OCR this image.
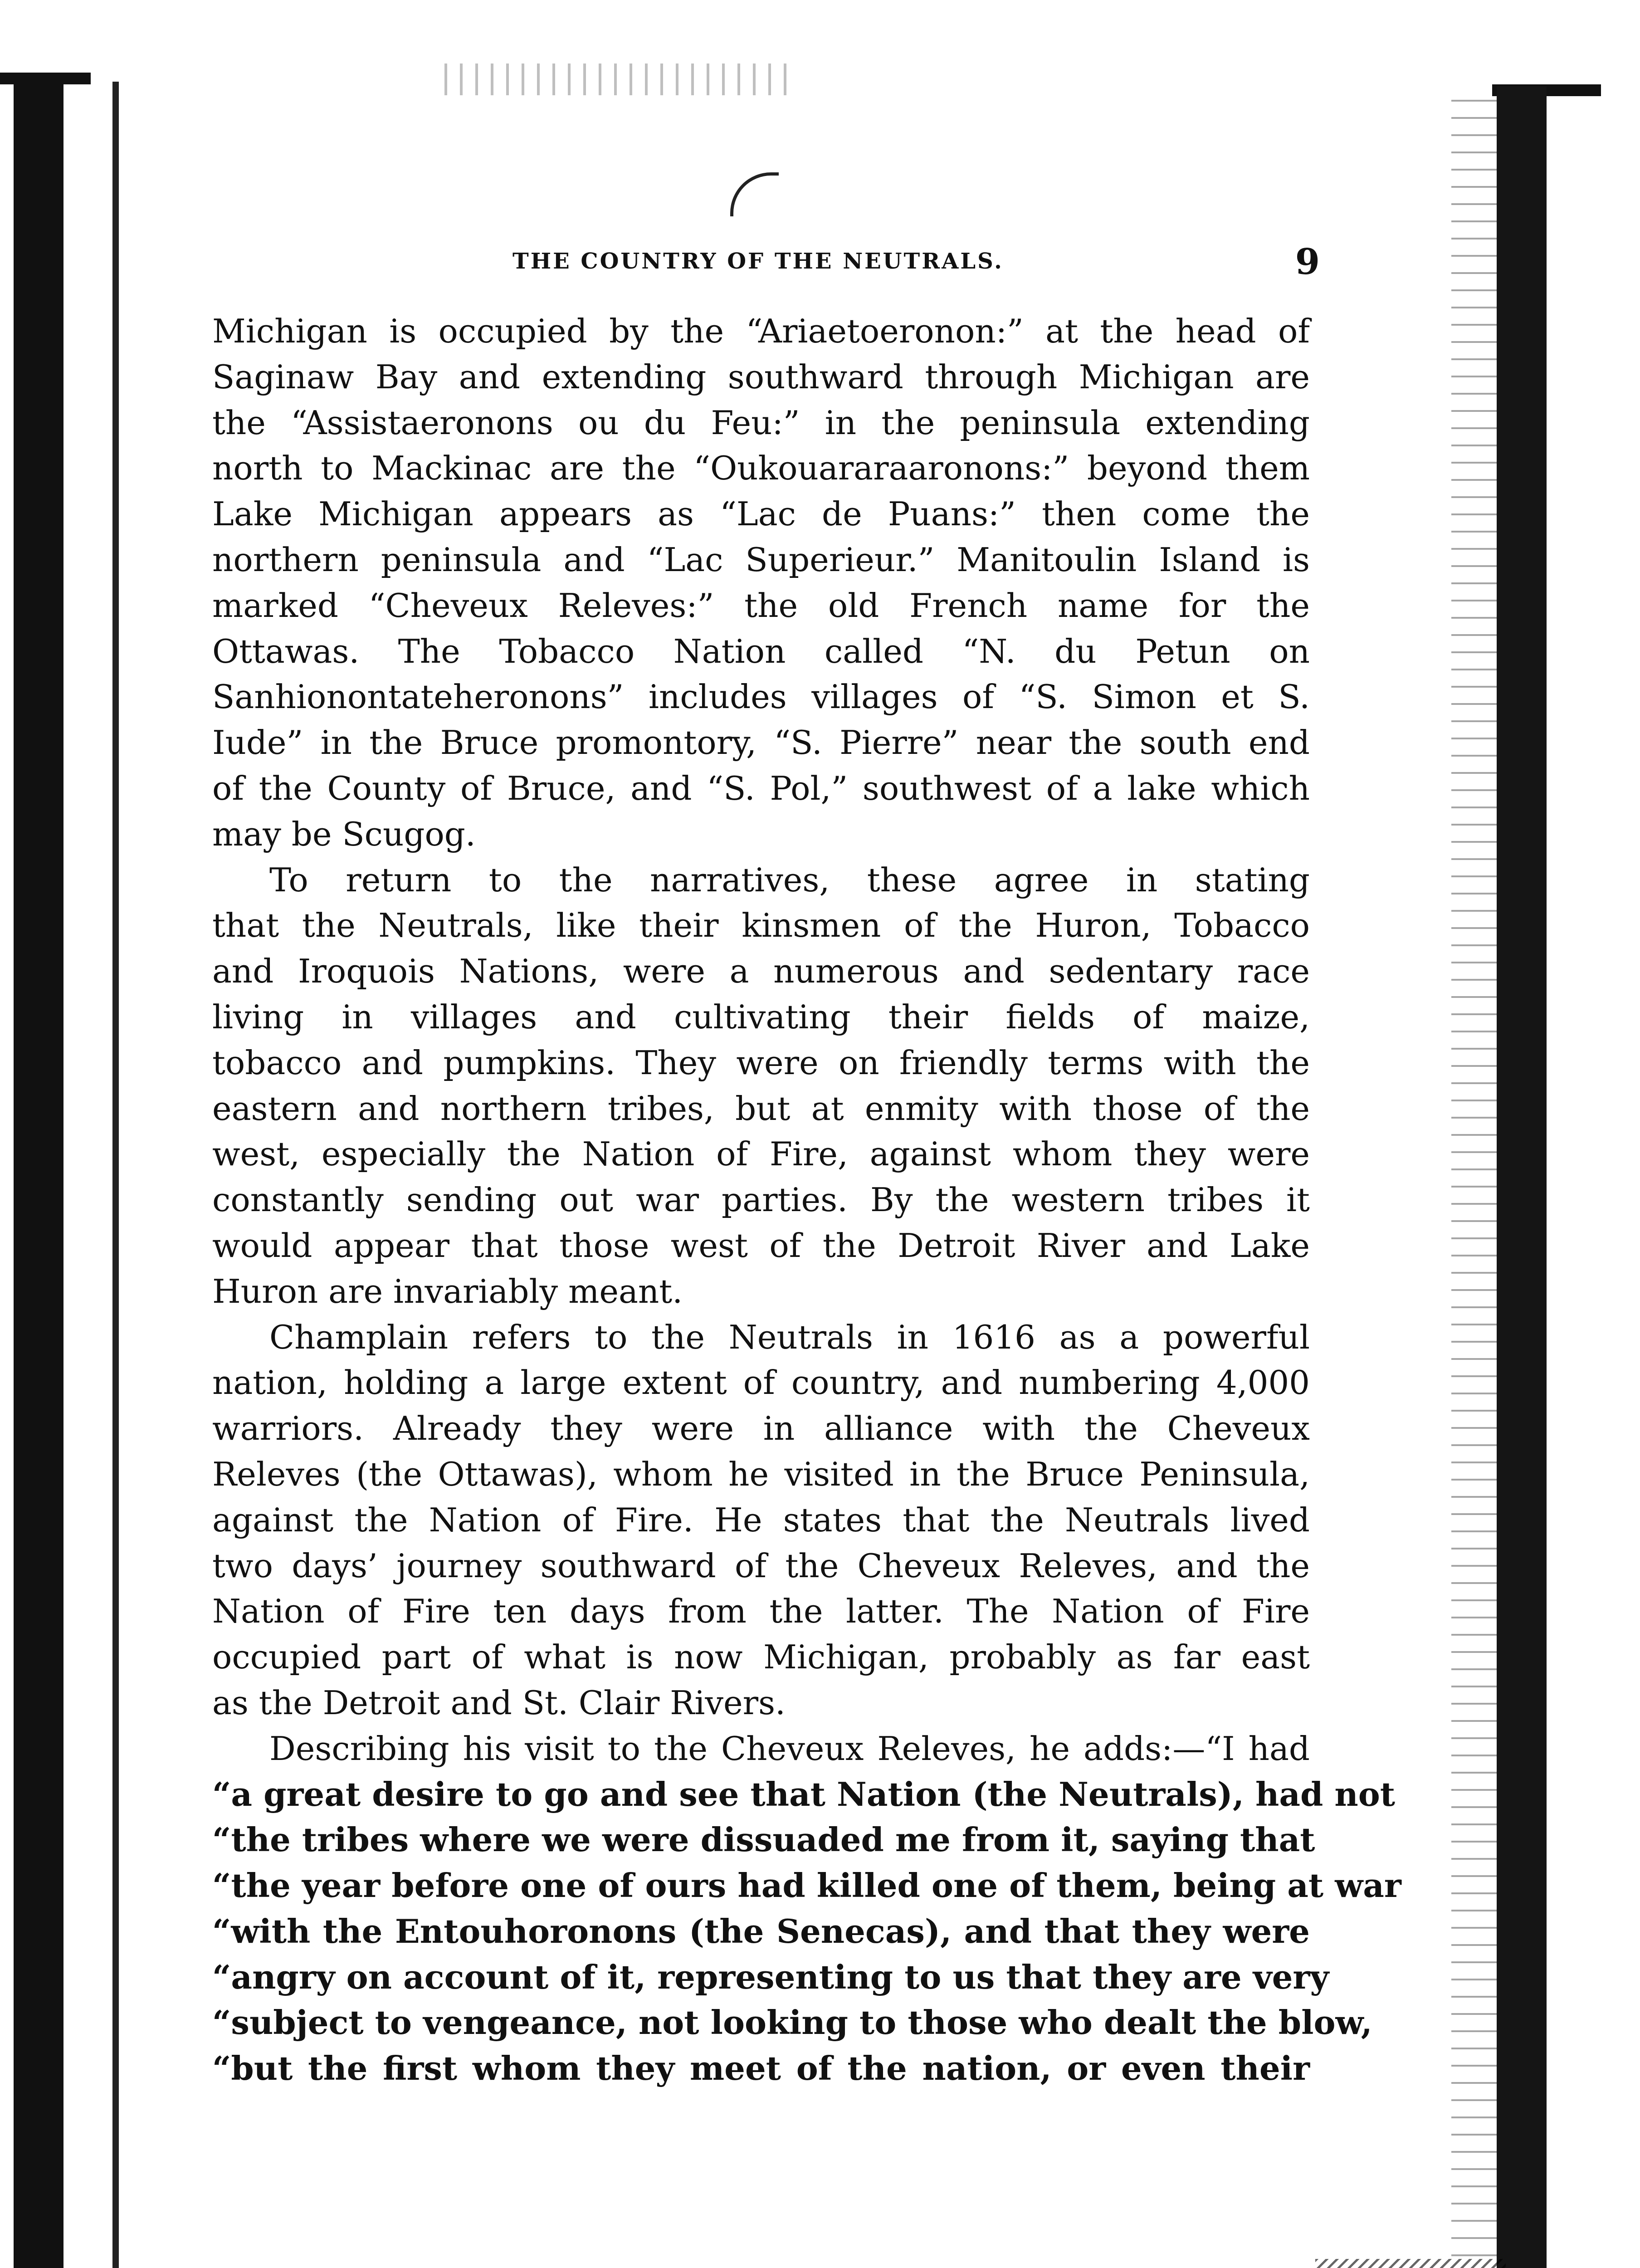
THE COUNTRY OF THE NEUTRALS.	9
Michigan is occupied by the “Ariaetoeronon:” at the head of
Saginaw Bay and extending southward through Michigan are
the “Assistaeronons ou du Feu:” in the peninsula extending
north to Mackinac are the “Oukouararaaronons:” beyond them
Lake Michigan appears as “Lac de Puans:” then come the
northern peninsula and “Lac Superieur.” Manitoulin Island is
marked “Cheveux Releves:” the old French name for the
Ottawas. The Tobacco Nation called “N. du Petun on
Sanhionontateheronons” includes villages of “S. Simon et S.
Iude” in the Bruce promontory, “S. Pierre” near the south end
of the County of Bruce, and “S. Pol,” southwest of a lake which
may be Scugog.
To return to the narratives, these agree in stating
that the Neutrals, like their kinsmen of the Huron, Tobacco
and Iroquois Nations, were a numerous and sedentary race
living in villages and cultivating their fields of maize,
tobacco and pumpkins. They were on friendly terms with the
eastern and northern tribes, but at enmity with those of the
west, especially the Nation of Fire, against whom they were
constantly sending out war parties. By the western tribes it
would appear that those west of the Detroit River and Lake
Huron are invariably meant.
Champlain refers to the Neutrals in 1616 as a powerful
nation, holding a large extent of country, and numbering 4,000
warriors. Already they were in alliance with the Cheveux
Releves (the Ottawas), whom he visited in the Bruce Peninsula,
against the Nation of Fire. He states that the Neutrals lived
two days’ journey southward of the Cheveux Releves, and the
Nation of Fire ten days from the latter. The Nation of Fire
occupied part of what is now Michigan, probably as far east
as the Detroit and St. Clair Rivers.
Describing his visit to the Cheveux Releves, he adds:—“I had
“a great desire to go and see that Nation (the Neutrals), had not
“the tribes where we were dissuaded me from it, saying that
“the year before one of ours had killed one of them, being at war
“with the Entouhoronons (the Senecas), and that they were
“angry on account of it, representing to us that they are very
“subject to vengeance, not looking to those who dealt the blow,
“but the first whom they meet of the nation, or even their
